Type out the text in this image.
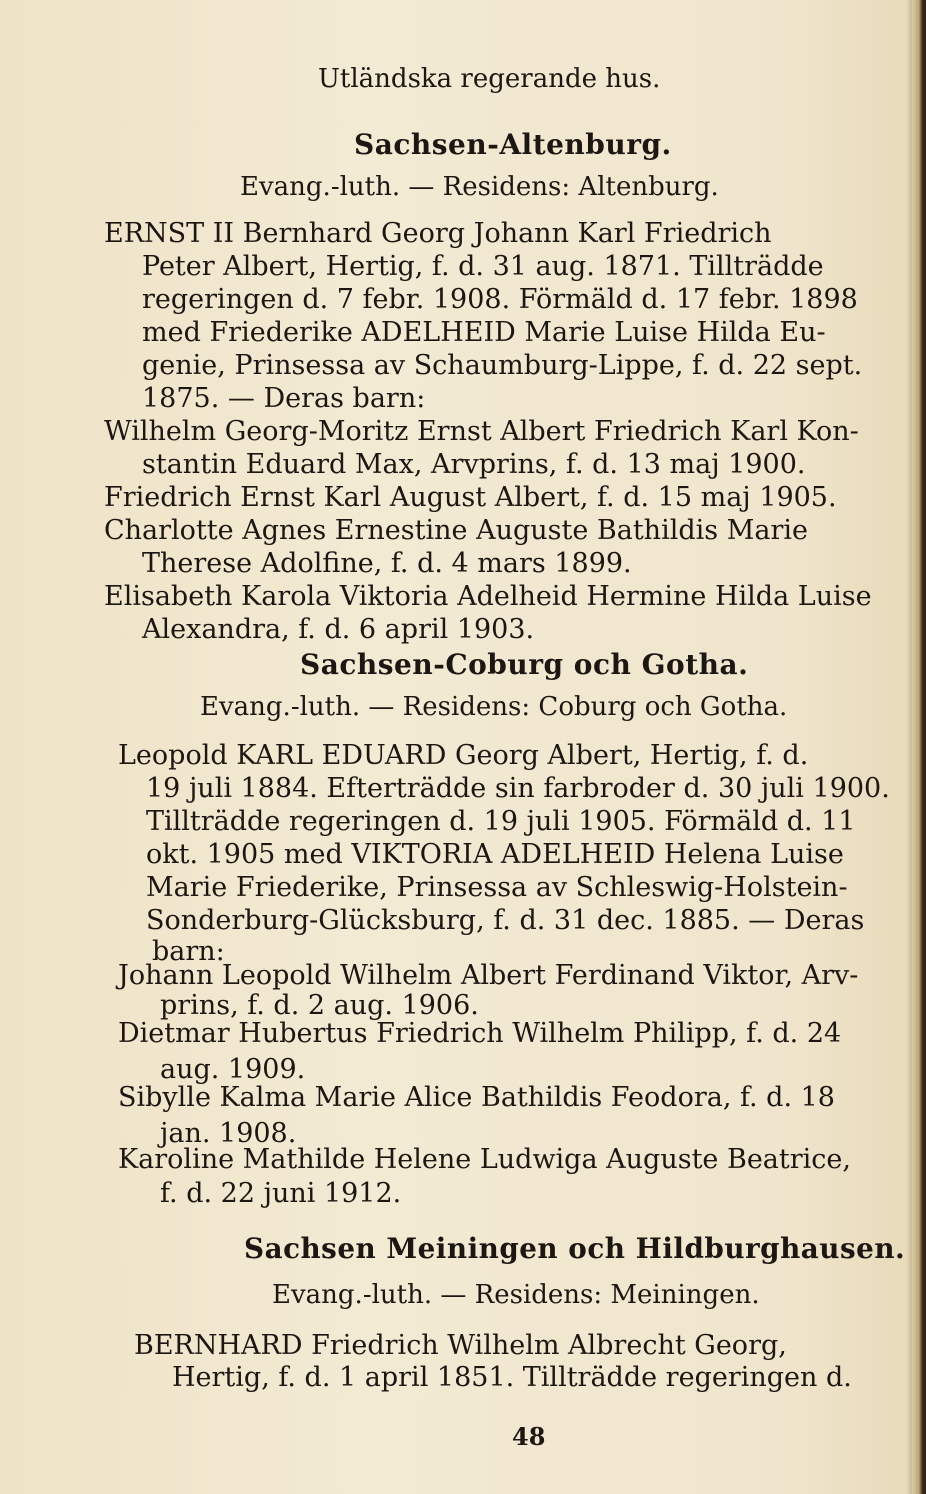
Utländska regerande hus.
Sachsen-Altenburg.
Evang.-luth. — Residens: Altenburg.
ERNST II Bernhard Georg Johann Karl Friedrich
Peter Albert, Hertig, f. d. 31 aug. 1871. Tillträdde
regeringen d. 7 febr. 1908. Förmäld d. 17 febr. 1898
med Friederike ADELHEID Marie Luise Hilda Eu-
genie, Prinsessa av Schaumburg-Lippe, f. d. 22 sept.
1875. — Deras barn:
Wilhelm Georg-Moritz Ernst Albert Friedrich Karl Kon-
stantin Eduard Max, Arvprins, f. d. 13 maj 1900.
Friedrich Ernst Karl August Albert, f. d. 15 maj 1905.
Charlotte Agnes Ernestine Auguste Bathildis Marie
Therese Adolfine, f. d. 4 mars 1899.
Elisabeth Karola Viktoria Adelheid Hermine Hilda Luise
Alexandra, f. d. 6 april 1903.
Sachsen-Coburg och Gotha.
Evang.-luth. — Residens: Coburg och Gotha.
Leopold KARL EDUARD Georg Albert, Hertig, f. d.
19 juli 1884. Efterträdde sin farbroder d. 30 juli 1900.
Tillträdde regeringen d. 19 juli 1905. Förmäld d. 11
okt. 1905 med VIKTORIA ADELHEID Helena Luise
Marie Friederike, Prinsessa av Schleswig-Holstein-
Sonderburg-Glücksburg, f. d. 31 dec. 1885. — Deras
barn:
Johann Leopold Wilhelm Albert Ferdinand Viktor, Arv-
prins, f. d. 2 aug. 1906.
Dietmar Hubertus Friedrich Wilhelm Philipp, f. d. 24
aug. 1909.
Sibylle Kalma Marie Alice Bathildis Feodora, f. d. 18
jan. 1908.
Karoline Mathilde Helene Ludwiga Auguste Beatrice,
f. d. 22 juni 1912.
Sachsen Meiningen och Hildburghausen.
Evang.-luth. — Residens: Meiningen.
BERNHARD Friedrich Wilhelm Albrecht Georg,
Hertig, f. d. 1 april 1851. Tillträdde regeringen d.
48
